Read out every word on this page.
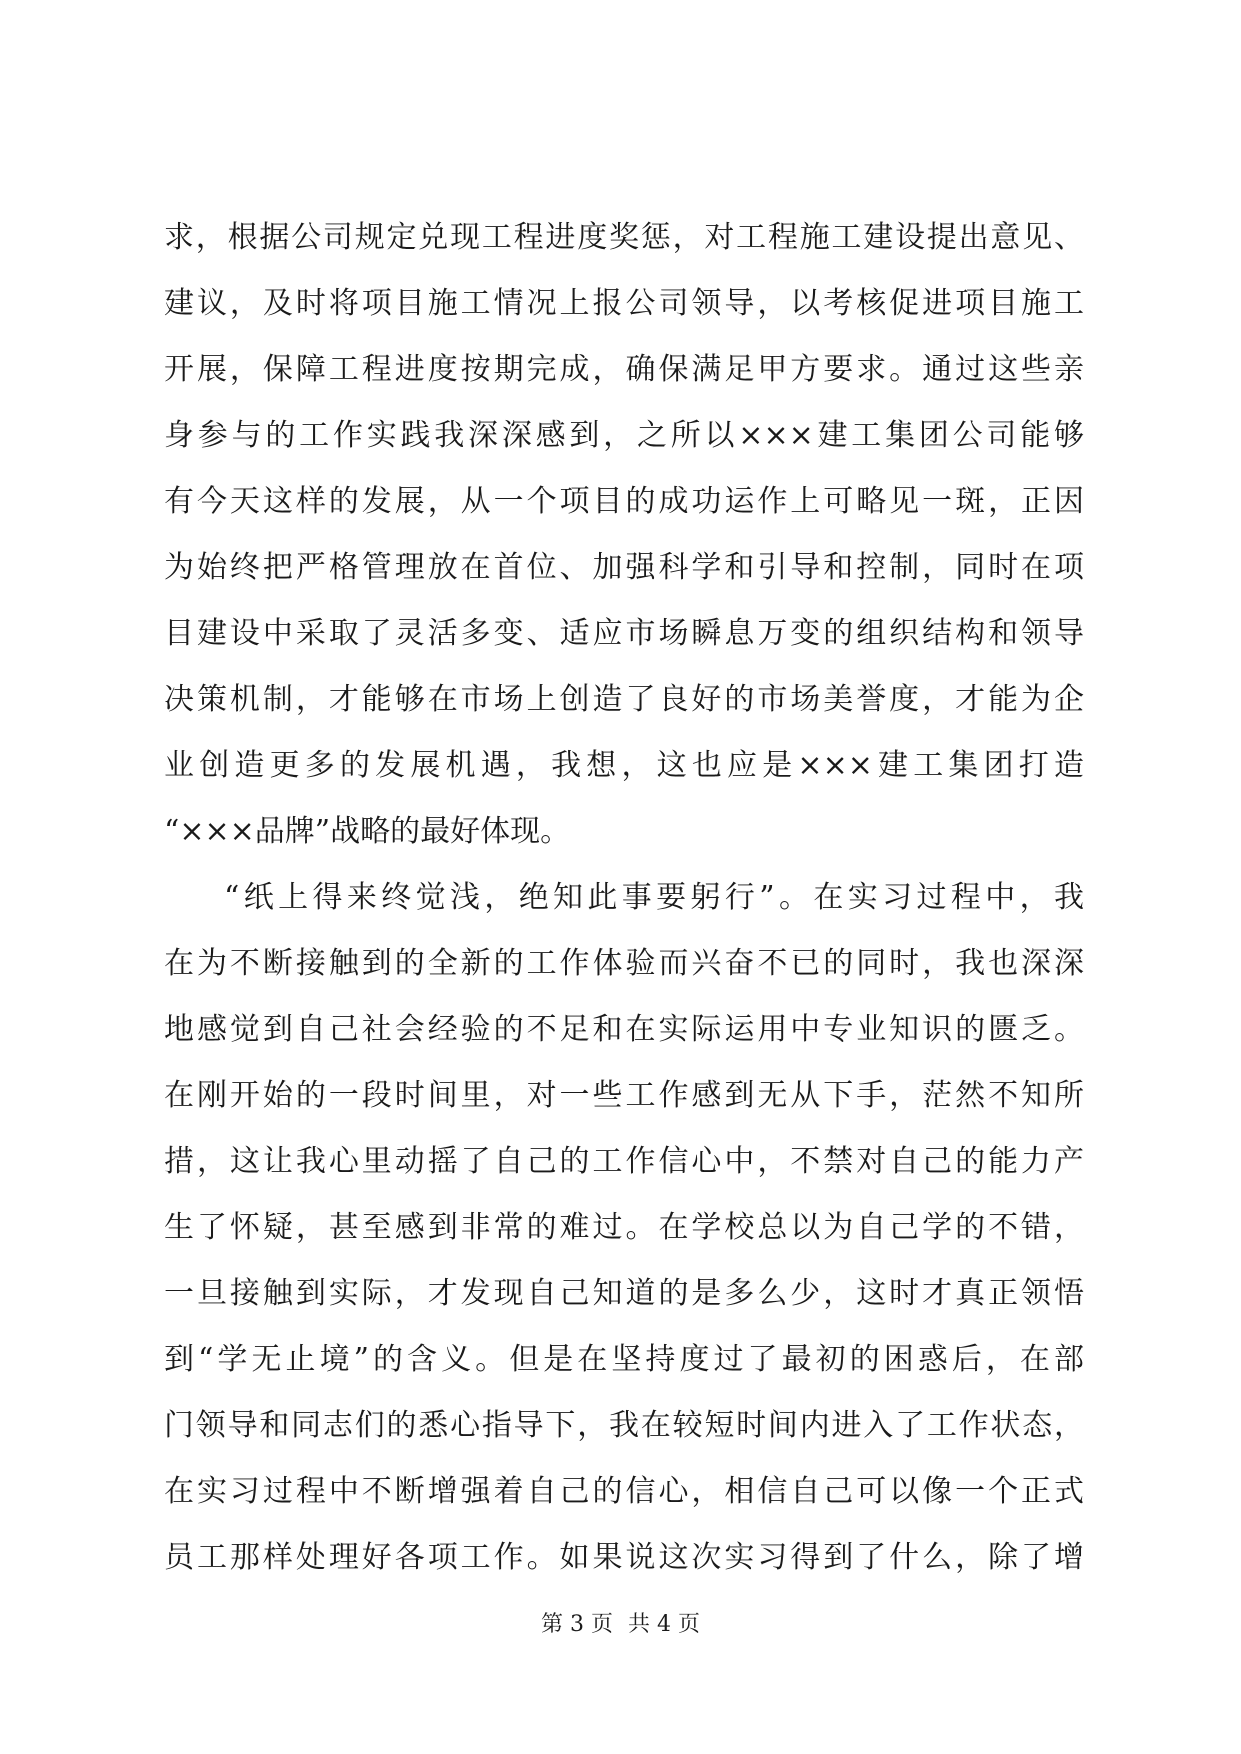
求，根据公司规定兑现工程进度奖惩，对工程施工建设提出意见、
建议，及时将项目施工情况上报公司领导，以考核促进项目施工
开展，保障工程进度按期完成，确保满足甲方要求。通过这些亲
身参与的工作实践我深深感到，之所以×××建工集团公司能够
有今天这样的发展，从一个项目的成功运作上可略见一斑，正因
为始终把严格管理放在首位、加强科学和引导和控制，同时在项
目建设中采取了灵活多变、适应市场瞬息万变的组织结构和领导
决策机制，才能够在市场上创造了良好的市场美誉度，才能为企
业创造更多的发展机遇，我想，这也应是×××建工集团打造
“×××品牌”战略的最好体现。
“纸上得来终觉浅，绝知此事要躬行”。在实习过程中，我
在为不断接触到的全新的工作体验而兴奋不已的同时，我也深深
地感觉到自己社会经验的不足和在实际运用中专业知识的匮乏。
在刚开始的一段时间里，对一些工作感到无从下手，茫然不知所
措，这让我心里动摇了自己的工作信心中，不禁对自己的能力产
生了怀疑，甚至感到非常的难过。在学校总以为自己学的不错，
一旦接触到实际，才发现自己知道的是多么少，这时才真正领悟
到“学无止境”的含义。但是在坚持度过了最初的困惑后，在部
门领导和同志们的悉心指导下，我在较短时间内进入了工作状态，
在实习过程中不断增强着自己的信心，相信自己可以像一个正式
员工那样处理好各项工作。如果说这次实习得到了什么，除了增
第 3 页 共 4 页
